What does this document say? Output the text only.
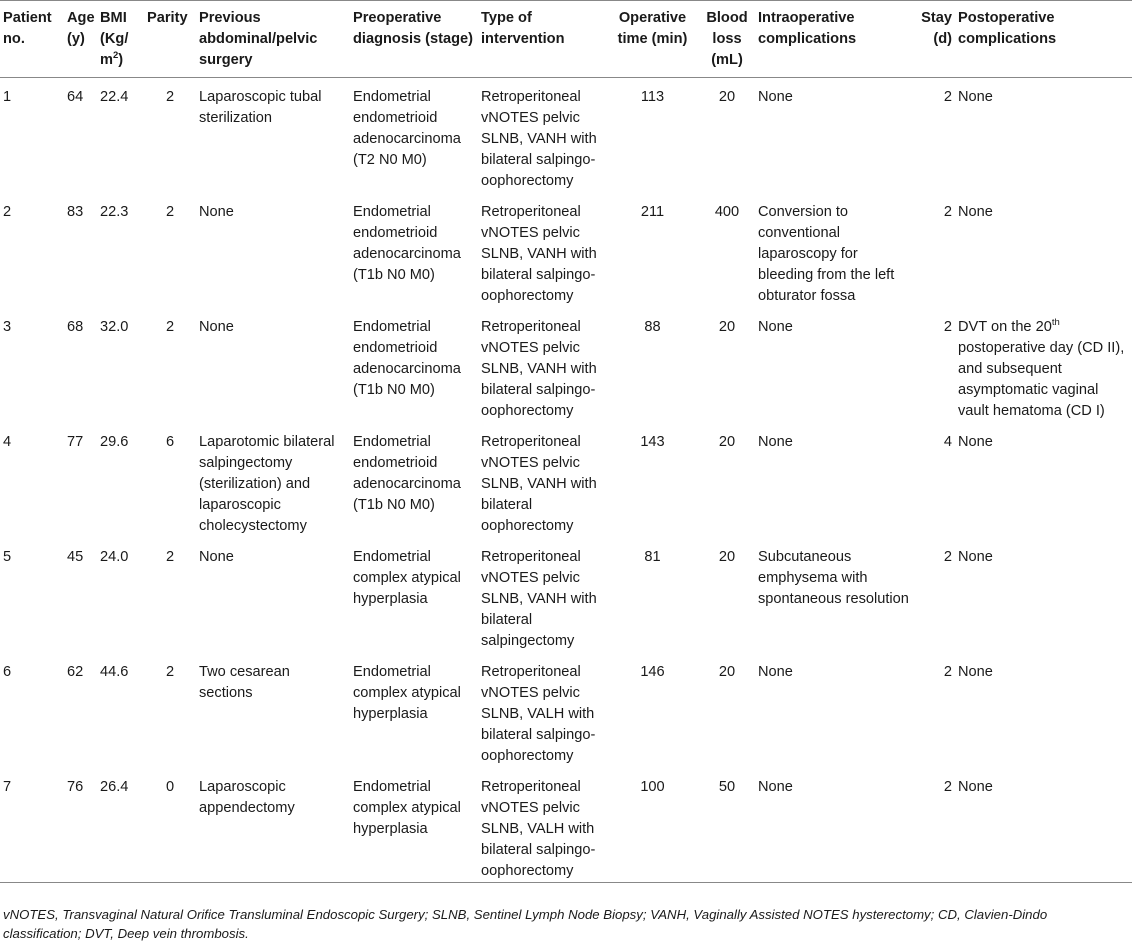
Patient no.	Age (y)	BMI (Kg/ $m^2$)	Parity	Previous abdominal/pelvic surgery	Preoperative diagnosis (stage)	Type of intervention	Operative time (min)	Blood loss (mL)	Intraoperative complications	Stay (d)	Postoperative complications
1	64	22.4	2	Laparoscopic tubal sterilization	Endometrial endometrioid adenocarcinoma (T2 N0 M0)	Retroperitoneal vNOTES pelvic SLNB, VANH with bilateral salpingo-oophorectomy	113	20	None	2	None
2	83	22.3	2	None	Endometrial endometrioid adenocarcinoma (T1b N0 M0)	Retroperitoneal vNOTES pelvic SLNB, VANH with bilateral salpingo-oophorectomy	211	400	Conversion to conventional laparoscopy for bleeding from the left obturator fossa	2	None
3	68	32.0	2	None	Endometrial endometrioid adenocarcinoma (T1b N0 M0)	Retroperitoneal vNOTES pelvic SLNB, VANH with bilateral salpingo-oophorectomy	88	20	None	2	DVT on the 20th postoperative day (CD II), and subsequent asymptomatic vaginal vault hematoma (CD I)
4	77	29.6	6	Laparotomic bilateral salpingectomy (sterilization) and laparoscopic cholecystectomy	Endometrial endometrioid adenocarcinoma (T1b N0 M0)	Retroperitoneal vNOTES pelvic SLNB, VANH with bilateral oophorectomy	143	20	None	4	None
5	45	24.0	2	None	Endometrial complex atypical hyperplasia	Retroperitoneal vNOTES pelvic SLNB, VANH with bilateral salpingectomy	81	20	Subcutaneous emphysema with spontaneous resolution	2	None
6	62	44.6	2	Two cesarean sections	Endometrial complex atypical hyperplasia	Retroperitoneal vNOTES pelvic SLNB, VALH with bilateral salpingo-oophorectomy	146	20	None	2	None
7	76	26.4	0	Laparoscopic appendectomy	Endometrial complex atypical hyperplasia	Retroperitoneal vNOTES pelvic SLNB, VALH with bilateral salpingo-oophorectomy	100	50	None	2	None
vNOTES, Transvaginal Natural Orifice Transluminal Endoscopic Surgery; SLNB, Sentinel Lymph Node Biopsy; VANH, Vaginally Assisted NOTES hysterectomy; CD, Clavien-Dindo
classification; DVT, Deep vein thrombosis.
